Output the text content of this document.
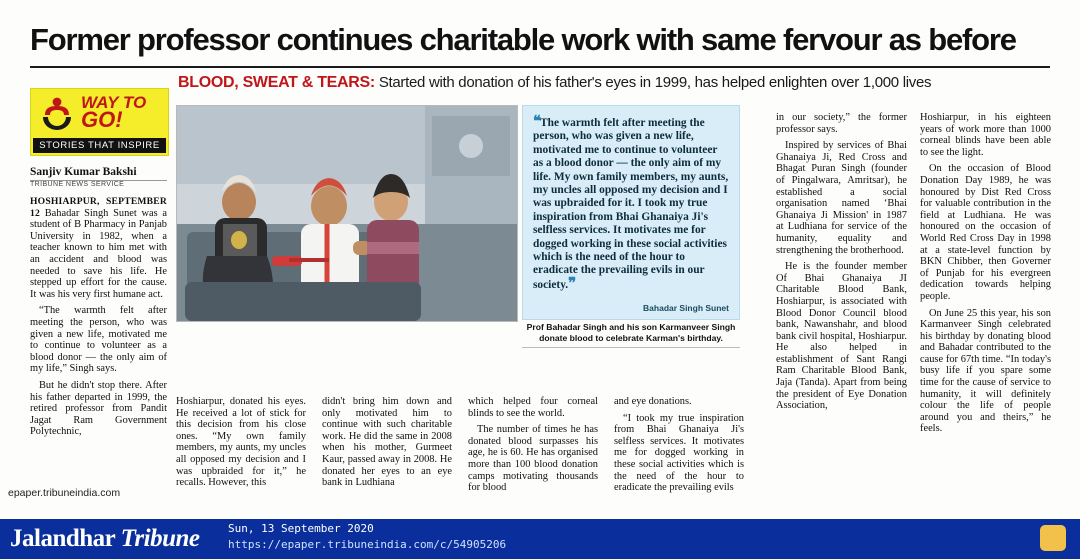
Former professor continues charitable work with same fervour as before
BLOOD, SWEAT & TEARS: Started with donation of his father's eyes in 1999, has helped enlighten over 1,000 lives
WAY TO
GO!
STORIES THAT INSPIRE
Sanjiv Kumar Bakshi
TRIBUNE NEWS SERVICE

HOSHIARPUR, SEPTEMBER 12 Bahadar Singh Sunet was a student of B Pharmacy in Panjab University in 1982, when a teacher known to him met with an accident and blood was needed to save his life. He stepped up effort for the cause. It was his very first humane act.

“The warmth felt after meeting the person, who was given a new life, motivated me to continue to volunteer as a blood donor — the only aim of my life,” Singh says.

But he didn't stop there. After his father departed in 1999, the retired professor from Pandit Jagat Ram Government Polytechnic,

❝The warmth felt after meeting the person, who was given a new life, motivated me to continue to volunteer as a blood donor — the only aim of my life. My own family members, my aunts, my uncles all opposed my decision and I was upbraided for it. I took my true inspiration from Bhai Ghanaiya Ji's selfless services. It motivates me for dogged working in these social activities which is the need of the hour to eradicate the prevailing evils in our society.❞
Bahadar Singh Sunet
Prof Bahadar Singh and his son Karmanveer Singh donate blood to celebrate Karman's birthday.

Hoshiarpur, donated his eyes. He received a lot of stick for this decision from his close ones. “My own family members, my aunts, my uncles all opposed my decision and I was upbraided for it,” he recalls. However, this

didn't bring him down and only motivated him to continue with such charitable work. He did the same in 2008 when his mother, Gurmeet Kaur, passed away in 2008. He donated her eyes to an eye bank in Ludhiana

which helped four corneal blinds to see the world.

The number of times he has donated blood surpasses his age, he is 60. He has organised more than 100 blood donation camps motivating thousands for blood

and eye donations.

“I took my true inspiration from Bhai Ghanaiya Ji's selfless services. It motivates me for dogged working in these social activities which is the need of the hour to eradicate the prevailing evils

in our society,” the former professor says.

Inspired by services of Bhai Ghanaiya Ji, Red Cross and Bhagat Puran Singh (founder of Pingalwara, Amritsar), he established a social organisation named ‘Bhai Ghanaiya Ji Mission' in 1987 at Ludhiana for service of the humanity, equality and strengthening the brotherhood.

He is the founder member Of Bhai Ghanaiya JI Charitable Blood Bank, Hoshiarpur, is associated with Blood Donor Council blood bank, Nawanshahr, and blood bank civil hospital, Hoshiarpur. He also helped in establishment of Sant Rangi Ram Charitable Blood Bank, Jaja (Tanda). Apart from being the president of Eye Donation Association,

Hoshiarpur, in his eighteen years of work more than 1000 corneal blinds have been able to see the light.

On the occasion of Blood Donation Day 1989, he was honoured by Dist Red Cross for valuable contribution in the field at Ludhiana. He was honoured on the occasion of World Red Cross Day in 1998 at a state-level function by BKN Chibber, then Governer of Punjab for his evergreen dedication towards helping people.

On June 25 this year, his son Karmanveer Singh celebrated his birthday by donating blood and Bahadar contributed to the cause for 67th time. “In today's busy life if you spare some time for the cause of service to humanity, it will definitely colour the life of people around you and theirs,” he feels.

epaper.tribuneindia.com
Jalandhar Tribune	Sun, 13 September 2020
https://epaper.tribuneindia.com/c/54905206
